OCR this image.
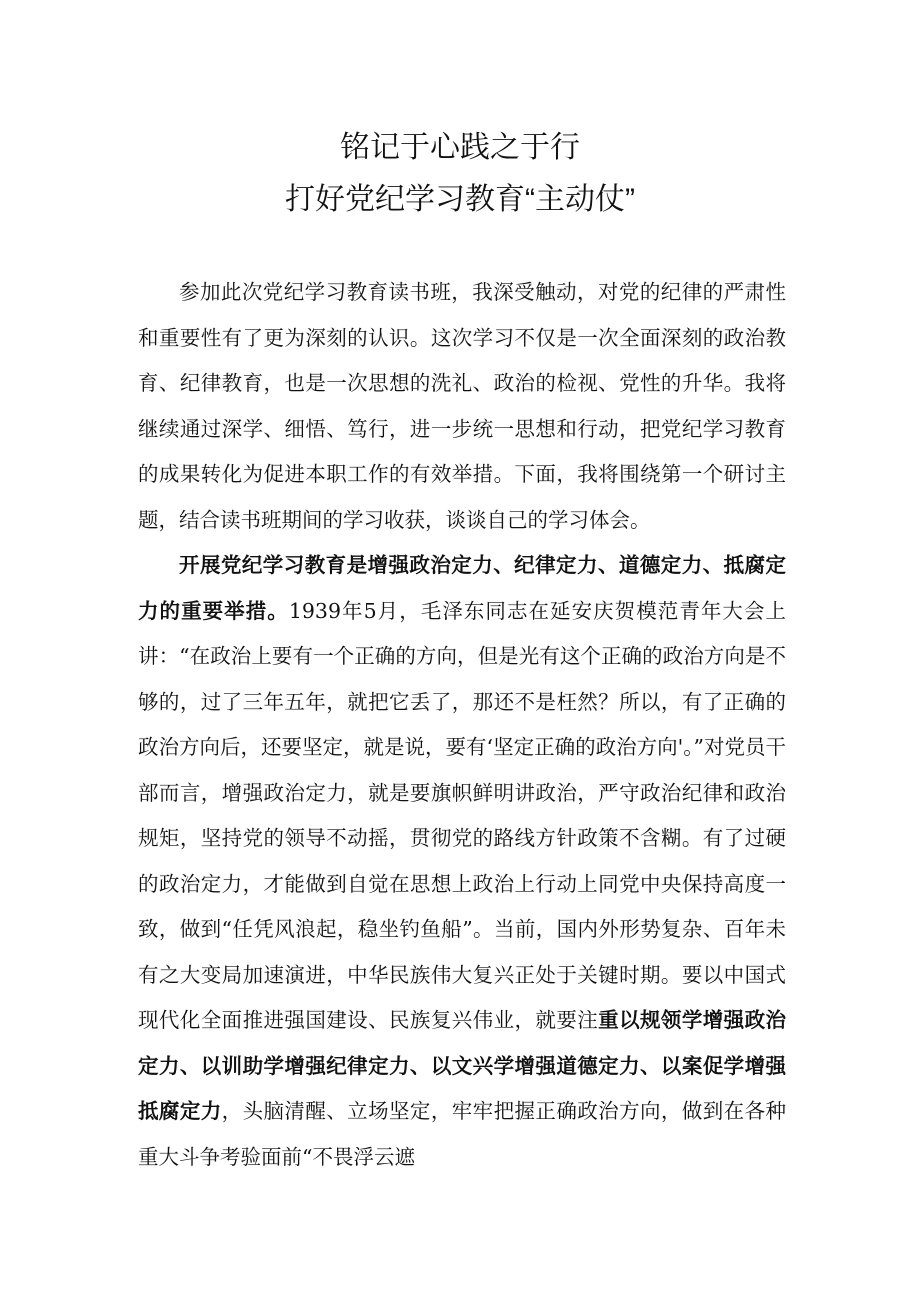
铭记于心践之于行
打好党纪学习教育“主动仗”

参加此次党纪学习教育读书班，我深受触动，对党的纪律的严肃性和重要性有了更为深刻的认识。这次学习不仅是一次全面深刻的政治教育、纪律教育，也是一次思想的洗礼、政治的检视、党性的升华。我将继续通过深学、细悟、笃行，进一步统一思想和行动，把党纪学习教育的成果转化为促进本职工作的有效举措。下面，我将围绕第一个研讨主题，结合读书班期间的学习收获，谈谈自己的学习体会。

开展党纪学习教育是增强政治定力、纪律定力、道德定力、抵腐定力的重要举措。1939年5月，毛泽东同志在延安庆贺模范青年大会上讲：“在政治上要有一个正确的方向，但是光有这个正确的政治方向是不够的，过了三年五年，就把它丢了，那还不是枉然？所以，有了正确的政治方向后，还要坚定，就是说，要有‘坚定正确的政治方向'。”对党员干部而言，增强政治定力，就是要旗帜鲜明讲政治，严守政治纪律和政治规矩，坚持党的领导不动摇，贯彻党的路线方针政策不含糊。有了过硬的政治定力，才能做到自觉在思想上政治上行动上同党中央保持高度一致，做到“任凭风浪起，稳坐钓鱼船”。当前，国内外形势复杂、百年未有之大变局加速演进，中华民族伟大复兴正处于关键时期。要以中国式现代化全面推进强国建设、民族复兴伟业，就要注重以规领学增强政治定力、以训助学增强纪律定力、以文兴学增强道德定力、以案促学增强抵腐定力，头脑清醒、立场坚定，牢牢把握正确政治方向，做到在各种重大斗争考验面前“不畏浮云遮
